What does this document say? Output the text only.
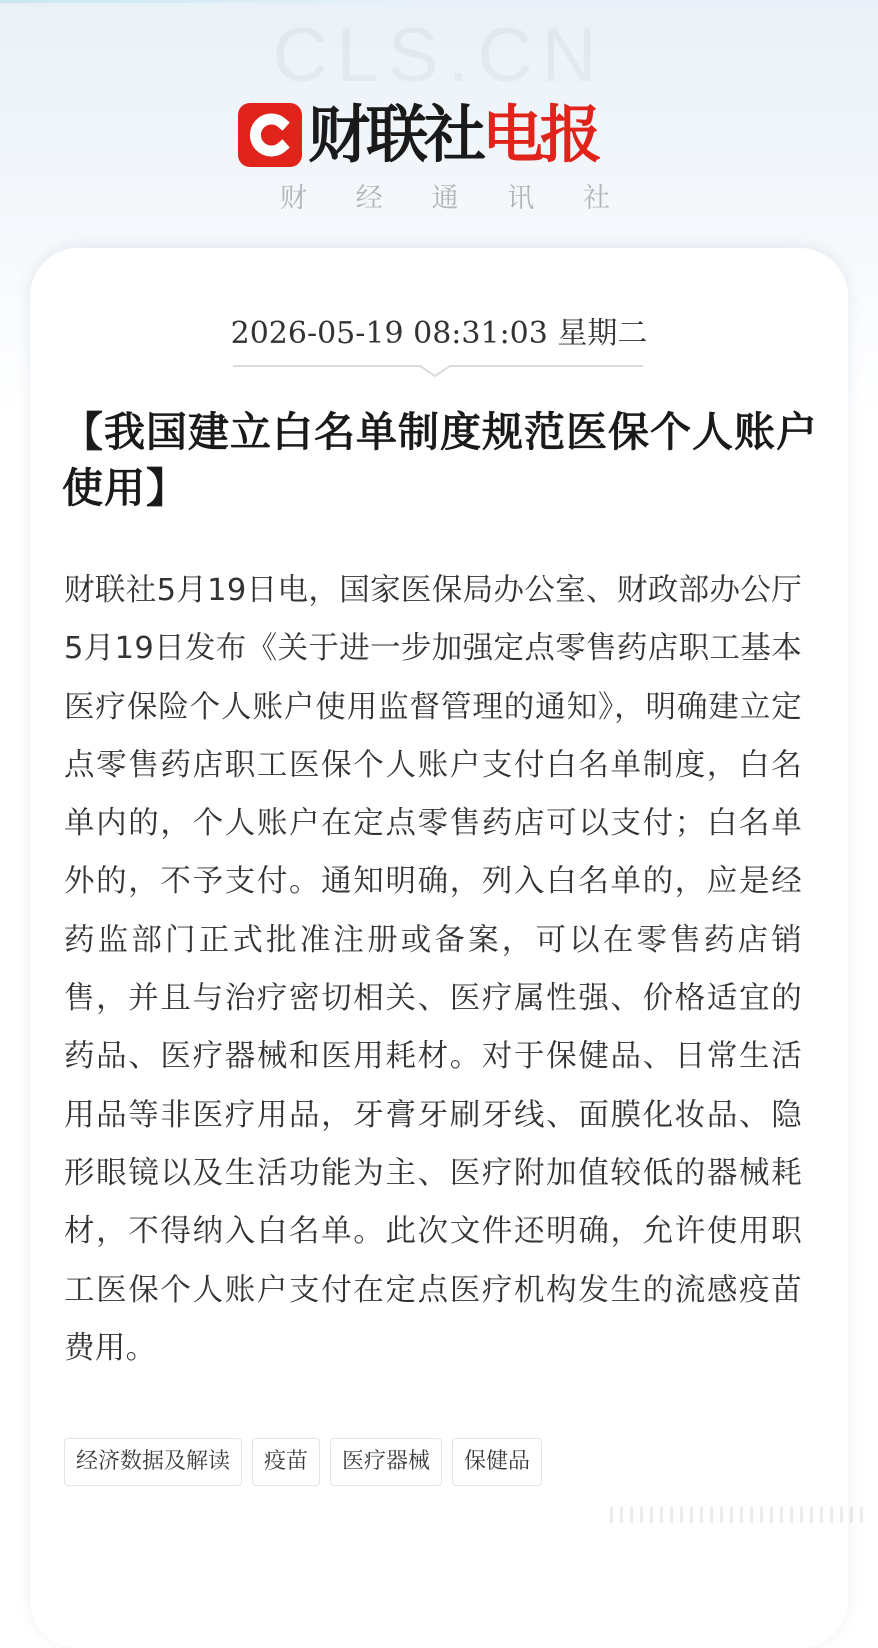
CLS.CN
财联社 电报
财 经 通 讯 社
2026-05-19 08:31:03 星期二
【我国建立白名单制度规范医保个人账户使用】
财联社5月19日电，国家医保局办公室、财政部办公厅5月19日发布《关于进一步加强定点零售药店职工基本医疗保险个人账户使用监督管理的通知》，明确建立定点零售药店职工医保个人账户支付白名单制度，白名单内的，个人账户在定点零售药店可以支付；白名单外的，不予支付。通知明确，列入白名单的，应是经药监部门正式批准注册或备案，可以在零售药店销售，并且与治疗密切相关、医疗属性强、价格适宜的药品、医疗器械和医用耗材。对于保健品、日常生活用品等非医疗用品，牙膏牙刷牙线、面膜化妆品、隐形眼镜以及生活功能为主、医疗附加值较低的器械耗材，不得纳入白名单。此次文件还明确，允许使用职工医保个人账户支付在定点医疗机构发生的流感疫苗费用。
经济数据及解读	疫苗	医疗器械	保健品
